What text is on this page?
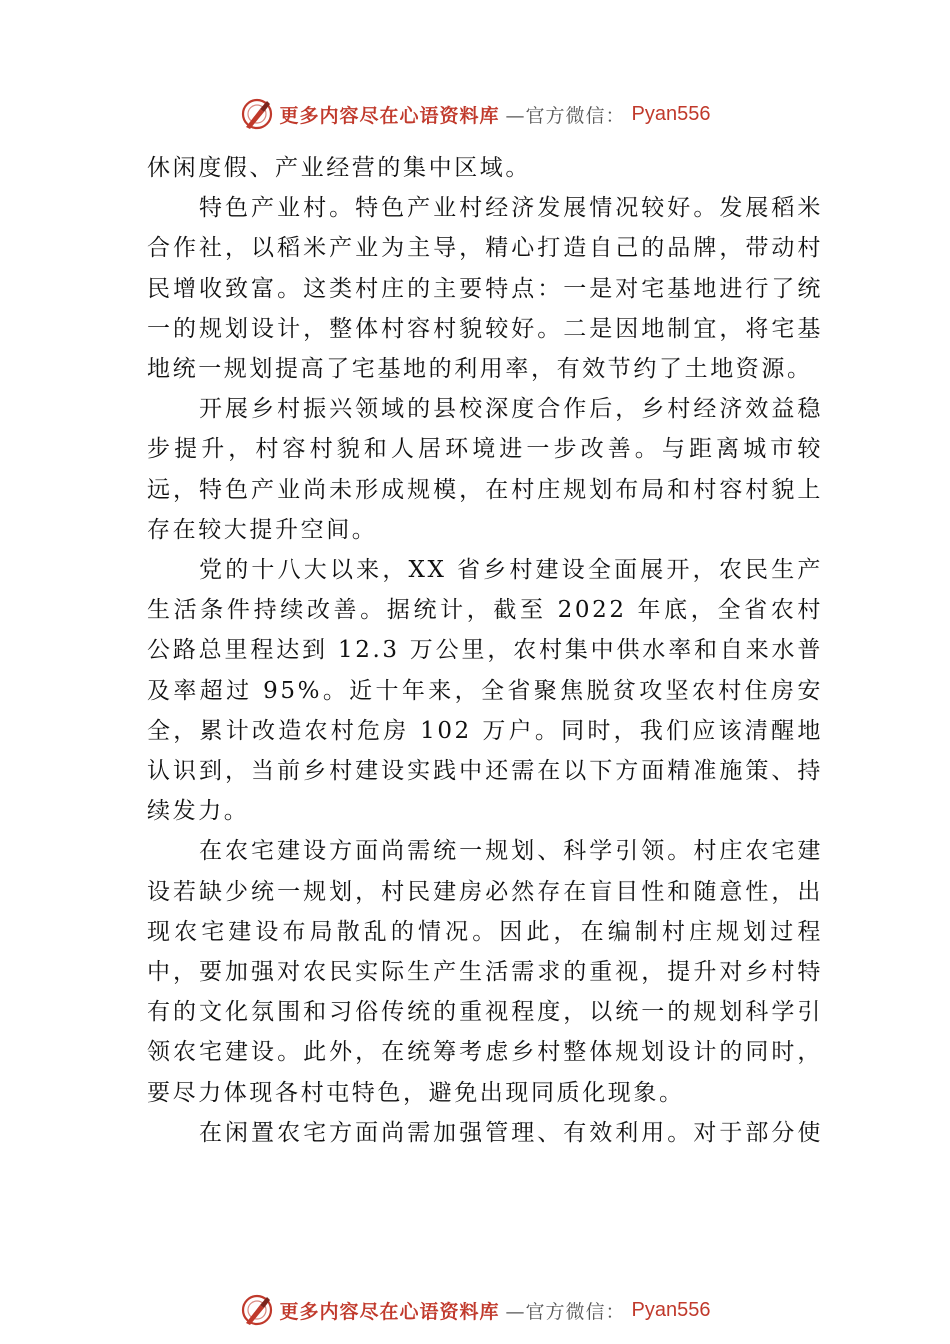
更多内容尽在心语资料库 —官方微信： Pyan556

休闲度假、产业经营的集中区域。

特色产业村。特色产业村经济发展情况较好。发展稻米合作社，以稻米产业为主导，精心打造自己的品牌，带动村民增收致富。这类村庄的主要特点：一是对宅基地进行了统一的规划设计，整体村容村貌较好。二是因地制宜，将宅基地统一规划提高了宅基地的利用率，有效节约了土地资源。

开展乡村振兴领域的县校深度合作后，乡村经济效益稳步提升，村容村貌和人居环境进一步改善。与距离城市较远，特色产业尚未形成规模，在村庄规划布局和村容村貌上存在较大提升空间。

党的十八大以来，XX 省乡村建设全面展开，农民生产生活条件持续改善。据统计，截至 2022 年底，全省农村公路总里程达到 12.3 万公里，农村集中供水率和自来水普及率超过 95%。近十年来，全省聚焦脱贫攻坚农村住房安全，累计改造农村危房 102 万户。同时，我们应该清醒地认识到，当前乡村建设实践中还需在以下方面精准施策、持续发力。

在农宅建设方面尚需统一规划、科学引领。村庄农宅建设若缺少统一规划，村民建房必然存在盲目性和随意性，出现农宅建设布局散乱的情况。因此，在编制村庄规划过程中，要加强对农民实际生产生活需求的重视，提升对乡村特有的文化氛围和习俗传统的重视程度，以统一的规划科学引领农宅建设。此外，在统筹考虑乡村整体规划设计的同时，要尽力体现各村屯特色，避免出现同质化现象。

在闲置农宅方面尚需加强管理、有效利用。对于部分使

更多内容尽在心语资料库 —官方微信： Pyan556
